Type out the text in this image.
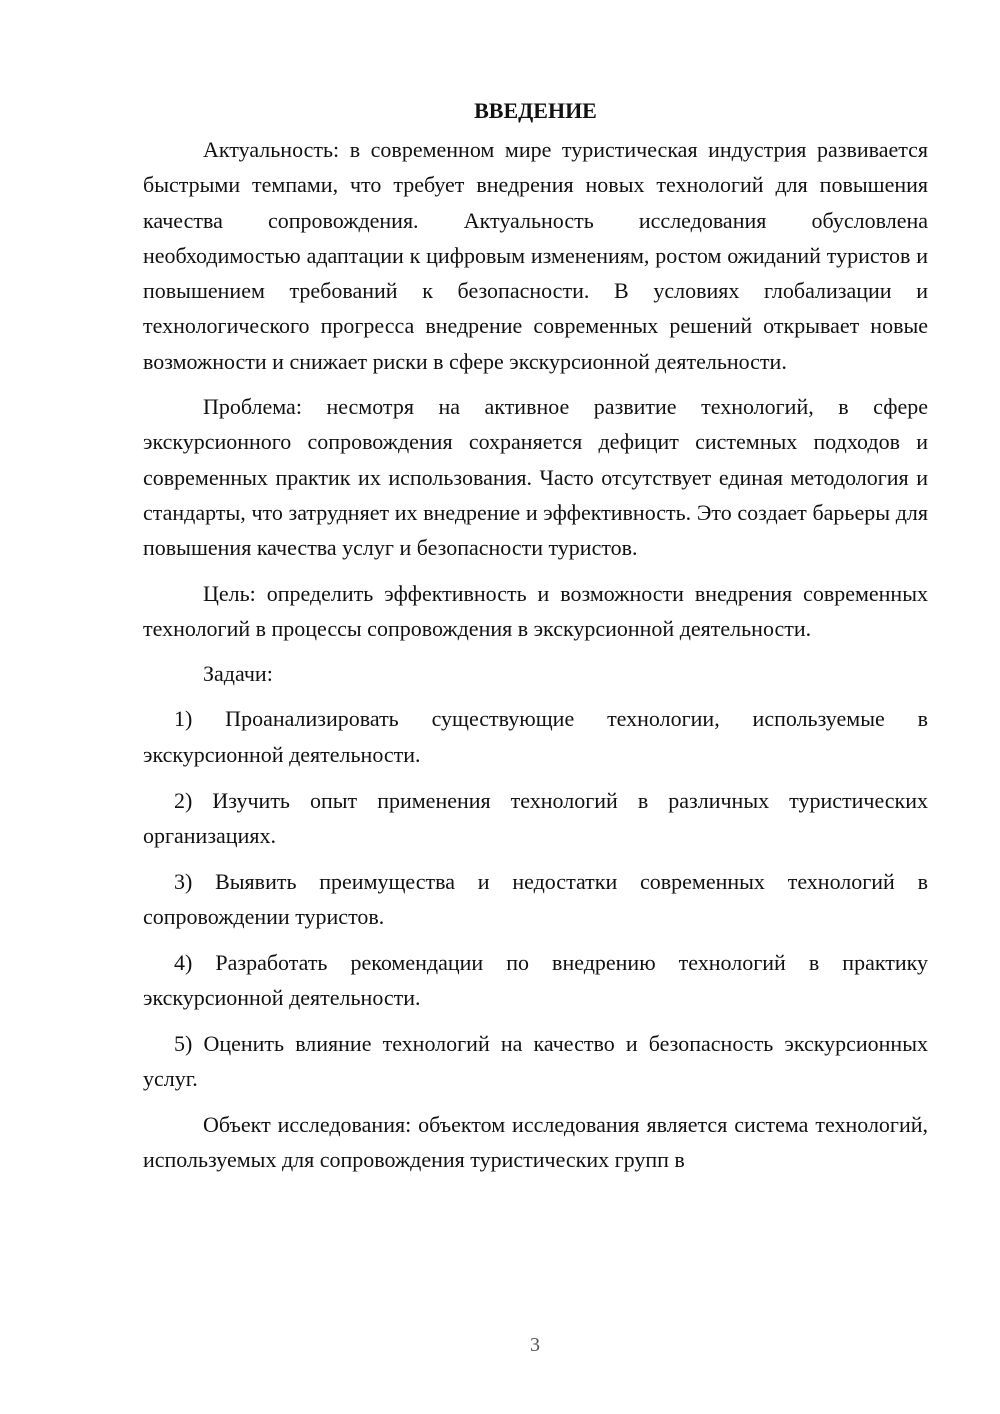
ВВЕДЕНИЕ

Актуальность: в современном мире туристическая индустрия развивается быстрыми темпами, что требует внедрения новых технологий для повышения качества сопровождения. Актуальность исследования обусловлена необходимостью адаптации к цифровым изменениям, ростом ожиданий туристов и повышением требований к безопасности. В условиях глобализации и технологического прогресса внедрение современных решений открывает новые возможности и снижает риски в сфере экскурсионной деятельности.

Проблема: несмотря на активное развитие технологий, в сфере экскурсионного сопровождения сохраняется дефицит системных подходов и современных практик их использования. Часто отсутствует единая методология и стандарты, что затрудняет их внедрение и эффективность. Это создает барьеры для повышения качества услуг и безопасности туристов.

Цель: определить эффективность и возможности внедрения современных технологий в процессы сопровождения в экскурсионной деятельности.

Задачи:

1) Проанализировать существующие технологии, используемые в экскурсионной деятельности.

2) Изучить опыт применения технологий в различных туристических организациях.

3) Выявить преимущества и недостатки современных технологий в сопровождении туристов.

4) Разработать рекомендации по внедрению технологий в практику экскурсионной деятельности.

5) Оценить влияние технологий на качество и безопасность экскурсионных услуг.

Объект исследования: объектом исследования является система технологий, используемых для сопровождения туристических групп в

3
